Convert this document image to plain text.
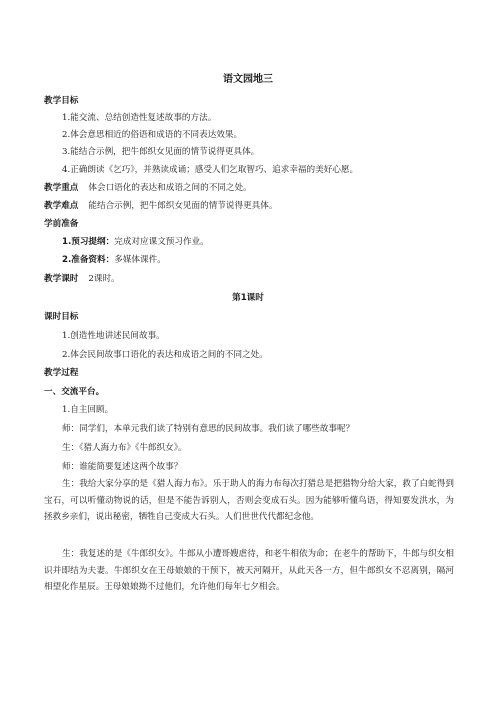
语文园地三
教学目标
1.能交流、总结创造性复述故事的方法。
2.体会意思相近的俗语和成语的不同表达效果。
3.能结合示例，把牛郎织女见面的情节说得更具体。
4.正确朗读《乞巧》，并熟读成诵；感受人们乞取智巧、追求幸福的美好心愿。
教学重点 体会口语化的表达和成语之间的不同之处。
教学难点 能结合示例，把牛郎织女见面的情节说得更具体。
学前准备
1.预习提纲：完成对应课文预习作业。
2.准备资料：多媒体课件。
教学课时 2课时。
第1课时
课时目标
1.创造性地讲述民间故事。
2.体会民间故事口语化的表达和成语之间的不同之处。
教学过程
一、交流平台。
1.自主回顾。
师：同学们，本单元我们读了特别有意思的民间故事。我们读了哪些故事呢？
生：《猎人海力布》《牛郎织女》。
师：谁能简要复述这两个故事？
生：我给大家分享的是《猎人海力布》。乐于助人的海力布每次打猎总是把猎物分给大家，救了白蛇得到宝石，可以听懂动物说的话，但是不能告诉别人，否则会变成石头。因为能够听懂鸟语，得知要发洪水，为拯救乡亲们，说出秘密，牺牲自己变成大石头。人们世世代代都纪念他。
生：我复述的是《牛郎织女》。牛郎从小遭哥嫂虐待，和老牛相依为命；在老牛的帮助下，牛郎与织女相识并即结为夫妻。牛郎织女在王母娘娘的干预下，被天河隔开，从此天各一方，但牛郎织女不忍离别，隔河相望化作星辰。王母娘娘拗不过他们，允许他们每年七夕相会。
